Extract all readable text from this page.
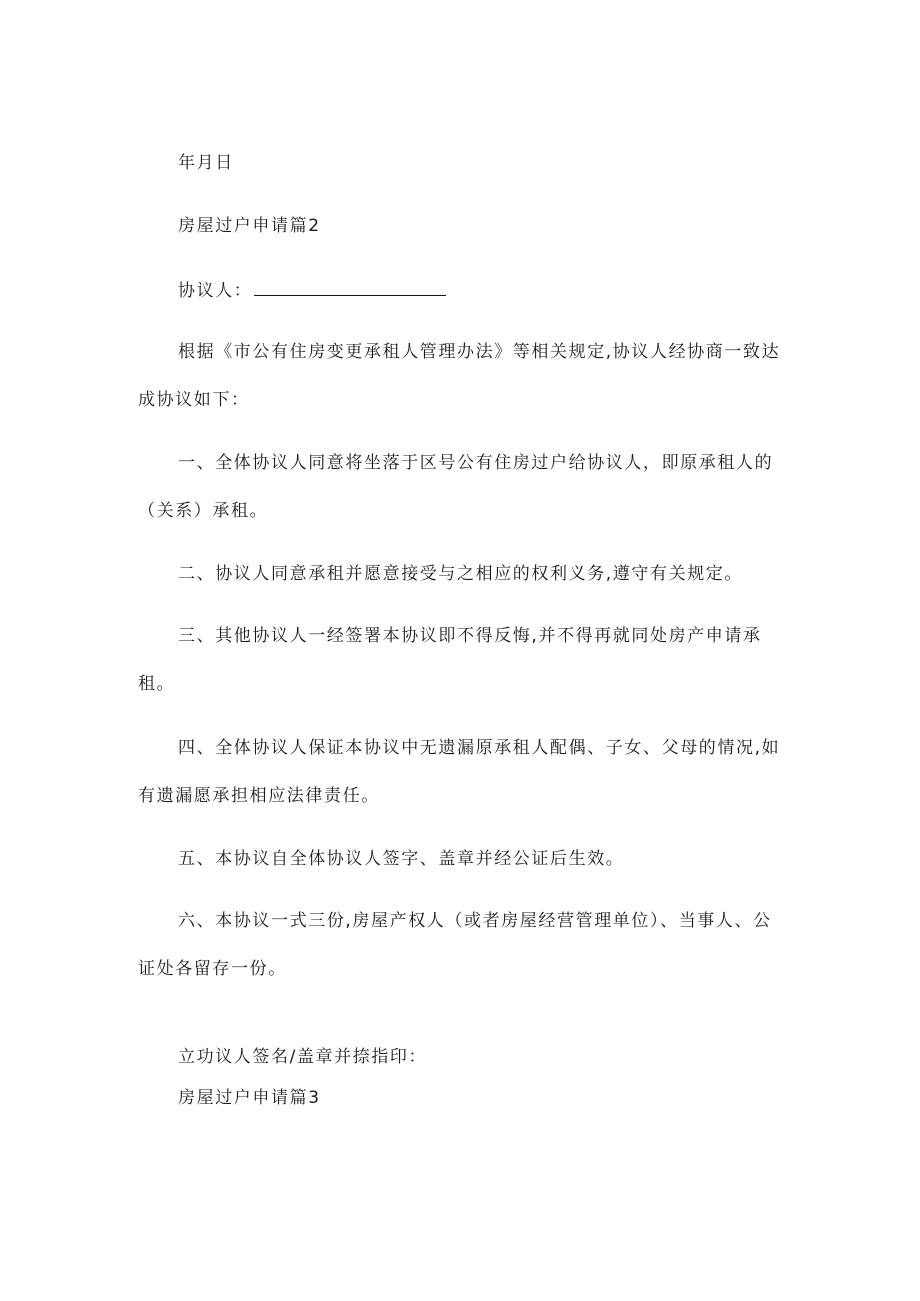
年月日
房屋过户申请篇2
协议人：
根据《市公有住房变更承租人管理办法》等相关规定,协议人经协商一致达
成协议如下：
一、全体协议人同意将坐落于区号公有住房过户给协议人，即原承租人的
（关系）承租。
二、协议人同意承租并愿意接受与之相应的权利义务,遵守有关规定。
三、其他协议人一经签署本协议即不得反悔,并不得再就同处房产申请承
租。
四、全体协议人保证本协议中无遗漏原承租人配偶、子女、父母的情况,如
有遗漏愿承担相应法律责任。
五、本协议自全体协议人签字、盖章并经公证后生效。
六、本协议一式三份,房屋产权人（或者房屋经营管理单位）、当事人、公
证处各留存一份。
立功议人签名/盖章并捺指印：
房屋过户申请篇3
